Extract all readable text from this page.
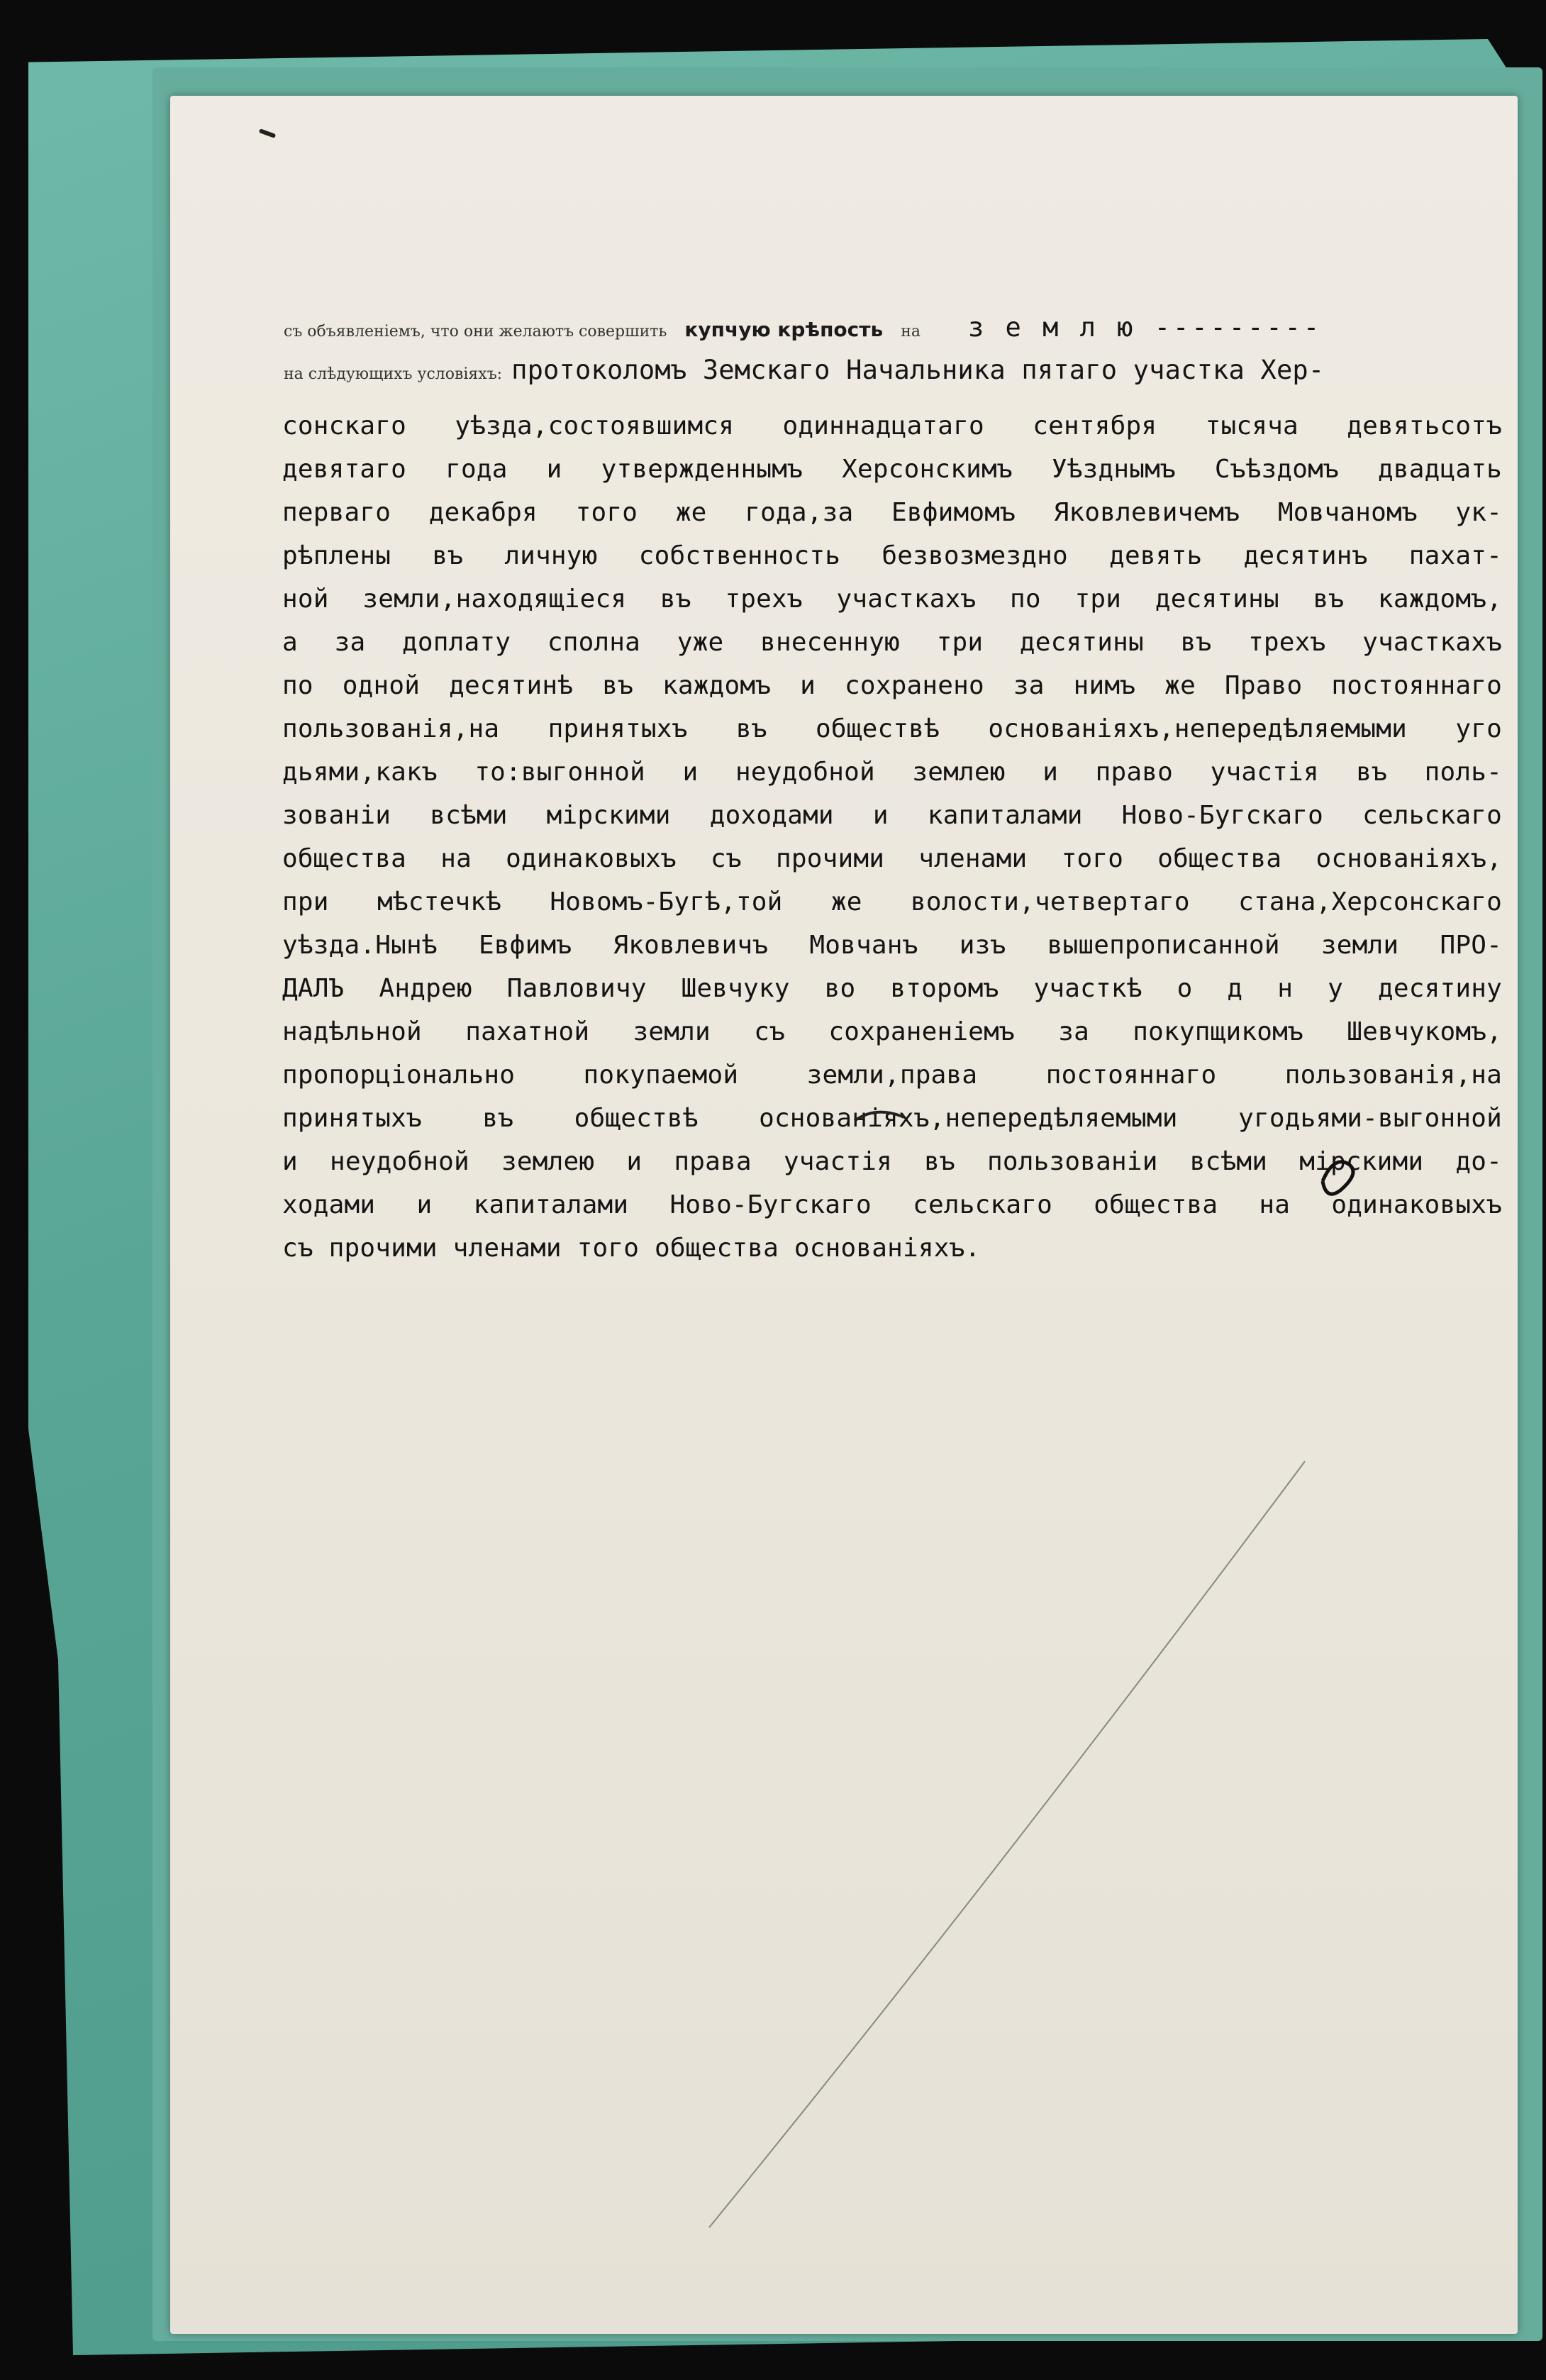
съ объявленіемъ, что они желаютъ совершить купчую крѣпость на з е м л ю ---------
на слѣдующихъ условіяхъ: протоколомъ Земскаго Начальника пятаго участка Хер-
сонскаго уѣзда,состоявшимся одиннадцатаго сентября тысяча девятьсотъ
девятаго года и утвержденнымъ Херсонскимъ Уѣзднымъ Съѣздомъ двадцать
перваго декабря того же года,за Евфимомъ Яковлевичемъ Мовчаномъ ук-
рѣплены въ личную собственность безвозмездно девять десятинъ пахат-
ной земли,находящіеся въ трехъ участкахъ по три десятины въ каждомъ,
а за доплату сполна уже внесенную три десятины въ трехъ участкахъ
по одной десятинѣ въ каждомъ и сохранено за нимъ же Право постояннаго
пользованія,на принятыхъ въ обществѣ основаніяхъ,непередѣляемыми уго
дьями,какъ то:выгонной и неудобной землею и право участія въ поль-
зованіи всѣми мірскими доходами и капиталами Ново-Бугскаго сельскаго
общества на одинаковыхъ съ прочими членами того общества основаніяхъ,
при мѣстечкѣ Новомъ-Бугѣ,той же волости,четвертаго стана,Херсонскаго
уѣзда.Нынѣ Евфимъ Яковлевичъ Мовчанъ изъ вышепрописанной земли ПРО-
ДАЛЪ Андрею Павловичу Шевчуку во второмъ участкѣ о д н у десятину
надѣльной пахатной земли съ сохраненіемъ за покупщикомъ Шевчукомъ,
пропорціонально покупаемой земли,права постояннаго пользованія,на
принятыхъ въ обществѣ основаніяхъ,непередѣляемыми угодьями-выгонной
и неудобной землею и права участія въ пользованіи всѣми мірскими до-
ходами и капиталами Ново-Бугскаго сельскаго общества на одинаковыхъ
съ прочими членами того общества основаніяхъ.
